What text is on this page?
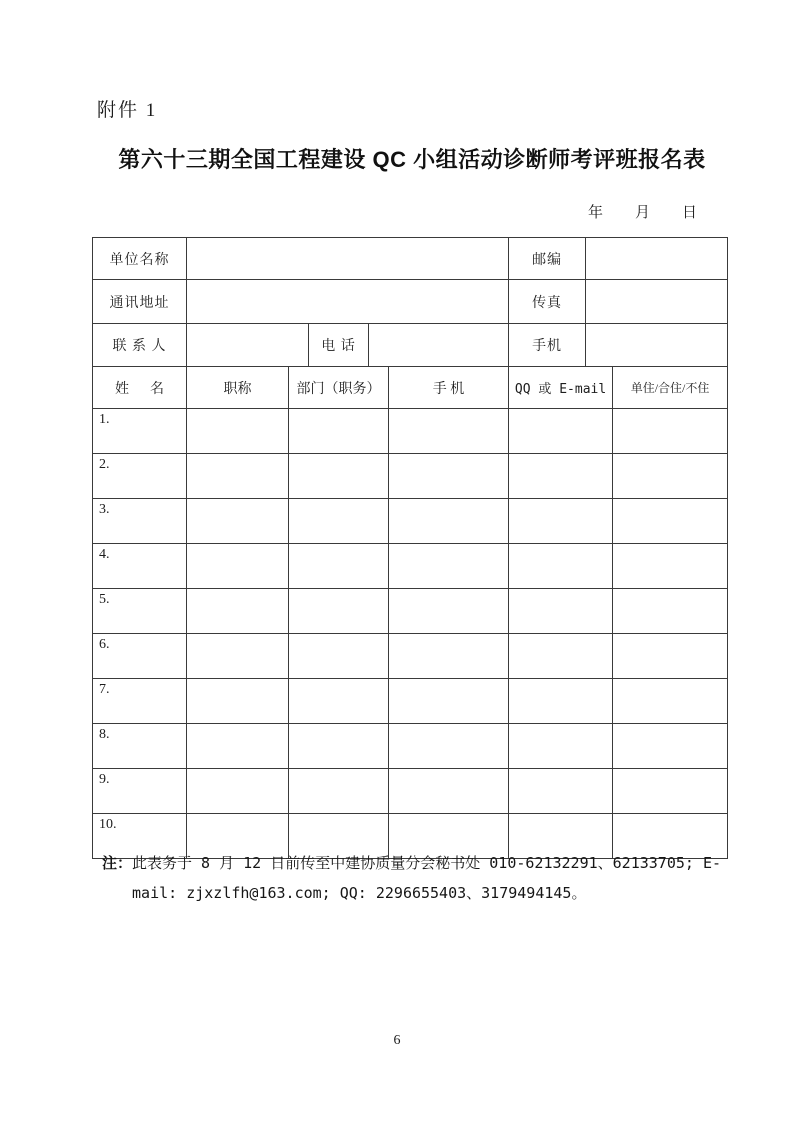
附件 1
第六十三期全国工程建设 QC 小组活动诊断师考评班报名表
年 月 日
单位名称						邮编		
通讯地址						传真		
联 系 人			电 话			手机		
姓      名	职称	部门（职务）			手 机	QQ 或 E-mail		单住/合住/不住
1.								
2.								
3.								
4.								
5.								
6.								
7.								
8.								
9.								
10.								
注： 此表务于 8 月 12 日前传至中建协质量分会秘书处 010-62132291、62133705; E-
mail: zjxzlfh@163.com; QQ: 2296655403、3179494145。
6
